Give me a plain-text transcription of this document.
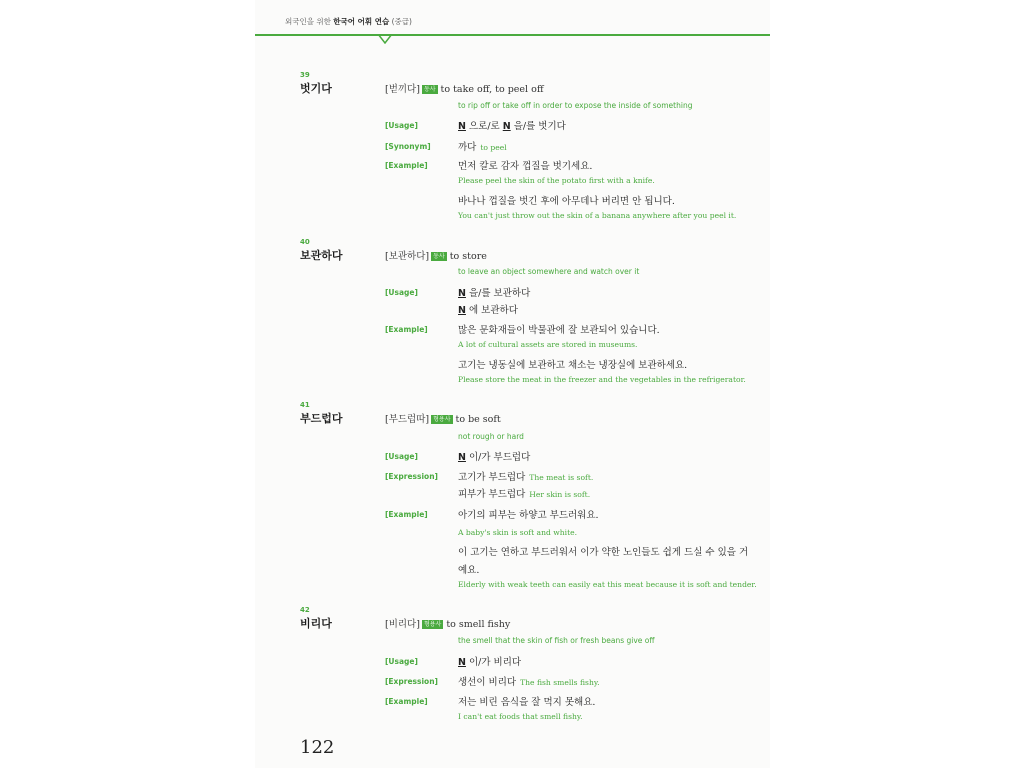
외국인을 위한 한국어 어휘 연습 (중급)
39
벗기다	[벋끼다] 동사 to take off, to peel off
to rip off or take off in order to expose the inside of something
[Usage]	N 으로/로 N 을/를 벗기다
[Synonym]	까다 to peel
[Example]	먼저 칼로 감자 껍질을 벗기세요.
Please peel the skin of the potato first with a knife.
바나나 껍질을 벗긴 후에 아무데나 버리면 안 됩니다.
You can't just throw out the skin of a banana anywhere after you peel it.
40
보관하다	[보관하다] 동사 to store
to leave an object somewhere and watch over it
[Usage]	N 을/를 보관하다
N 에 보관하다
[Example]	많은 문화재들이 박물관에 잘 보관되어 있습니다.
A lot of cultural assets are stored in museums.
고기는 냉동실에 보관하고 채소는 냉장실에 보관하세요.
Please store the meat in the freezer and the vegetables in the refrigerator.
41
부드럽다	[부드럽따] 형용사 to be soft
not rough or hard
[Usage]	N 이/가 부드럽다
[Expression] 고기가 부드럽다 The meat is soft.
피부가 부드럽다 Her skin is soft.
[Example]	아기의 피부는 하얗고 부드러워요.
A baby's skin is soft and white.
이 고기는 연하고 부드러워서 이가 약한 노인들도 쉽게 드실 수 있을 거
예요.
Elderly with weak teeth can easily eat this meat because it is soft and tender.
42
비리다	[비리다] 형용사 to smell fishy
the smell that the skin of fish or fresh beans give off
[Usage]	N 이/가 비리다
[Expression] 생선이 비리다 The fish smells fishy.
[Example]	저는 비린 음식을 잘 먹지 못해요.
I can't eat foods that smell fishy.
122
